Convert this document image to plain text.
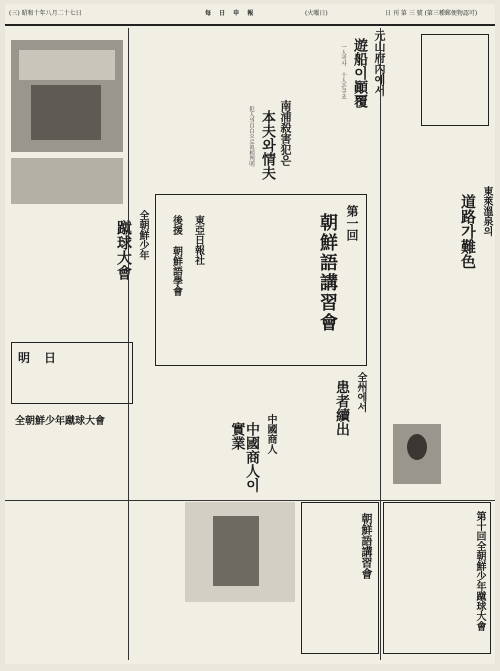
(三) 昭和十年八月二十七日	每 日 申 報	(火曜日)	日 刊 第 三 號 (第三種郵便物認可)
元山府內에서
遊船이顚覆
一人즉사 十人은구조
南浦殺害犯은
本夫와情夫
犯人의自白으로眞相判明
東萊溫泉의
道路가難色
第一回
朝鮮語講習會
東亞日報社
後援 朝鮮語學會
全朝鮮少年
蹴球大會
明日
全朝鮮少年蹴球大會
全州에서
患者續出
中國商人
中國商人이實業
朝鮮語講習會	第十回全朝鮮少年蹴球大會
